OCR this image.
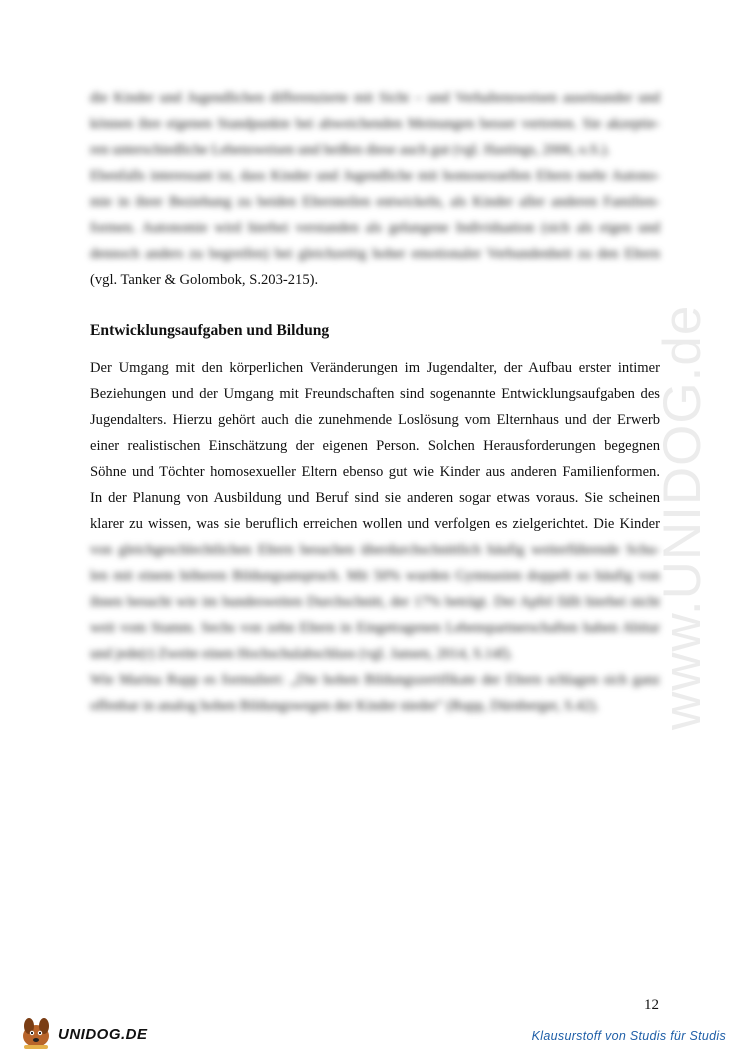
www.UNIDOG.de
die Kinder und Jugendlichen differenzierte mit Sicht – und Verhaltensweisen auseinander und
können ihre eigenen Standpunkte bei abweichenden Meinungen besser vertreten. Sie akzeptie-
ren unterschiedliche Lebensweisen und heißen diese auch gut (vgl. Hastings, 2006, o.S.).
Ebenfalls interessant ist, dass Kinder und Jugendliche mit homosexuellen Eltern mehr Autono-
mie in ihrer Beziehung zu beiden Elternteilen entwickeln, als Kinder aller anderen Familien-
formen. Autonomie wird hierbei verstanden als gelungene Individuation (sich als eigen und
dennoch anders zu begreifen) bei gleichzeitig hoher emotionaler Verbundenheit zu den Eltern
(vgl. Tanker & Golombok, S.203-215).
Entwicklungsaufgaben und Bildung
Der Umgang mit den körperlichen Veränderungen im Jugendalter, der Aufbau erster intimer
Beziehungen und der Umgang mit Freundschaften sind sogenannte Entwicklungsaufgaben des
Jugendalters. Hierzu gehört auch die zunehmende Loslösung vom Elternhaus und der Erwerb
einer realistischen Einschätzung der eigenen Person. Solchen Herausforderungen begegnen
Söhne und Töchter homosexueller Eltern ebenso gut wie Kinder aus anderen Familienformen.
In der Planung von Ausbildung und Beruf sind sie anderen sogar etwas voraus. Sie scheinen
klarer zu wissen, was sie beruflich erreichen wollen und verfolgen es zielgerichtet. Die Kinder
von gleichgeschlechtlichen Eltern besuchen überdurchschnittlich häufig weiterführende Schu-
len mit einem höheren Bildungsanspruch. Mit 50% wurden Gymnasien doppelt so häufig von
ihnen besucht wie im bundesweiten Durchschnitt, der 17% beträgt. Der Apfel fällt hierbei nicht
weit vom Stamm. Sechs von zehn Eltern in Eingetragenen Lebenspartnerschaften haben Abitur
und jede(r) Zweite einen Hochschulabschluss (vgl. Jansen, 2014, S.14f).
Wie Marina Rupp es formuliert: „Die hohen Bildungszertifikate der Eltern schlagen sich ganz
offenbar in analog hohen Bildungswegen der Kinder nieder" (Rupp, Dürnberger, S.42).
12
UNIDOG.DE	Klausurstoff von Studis für Studis
